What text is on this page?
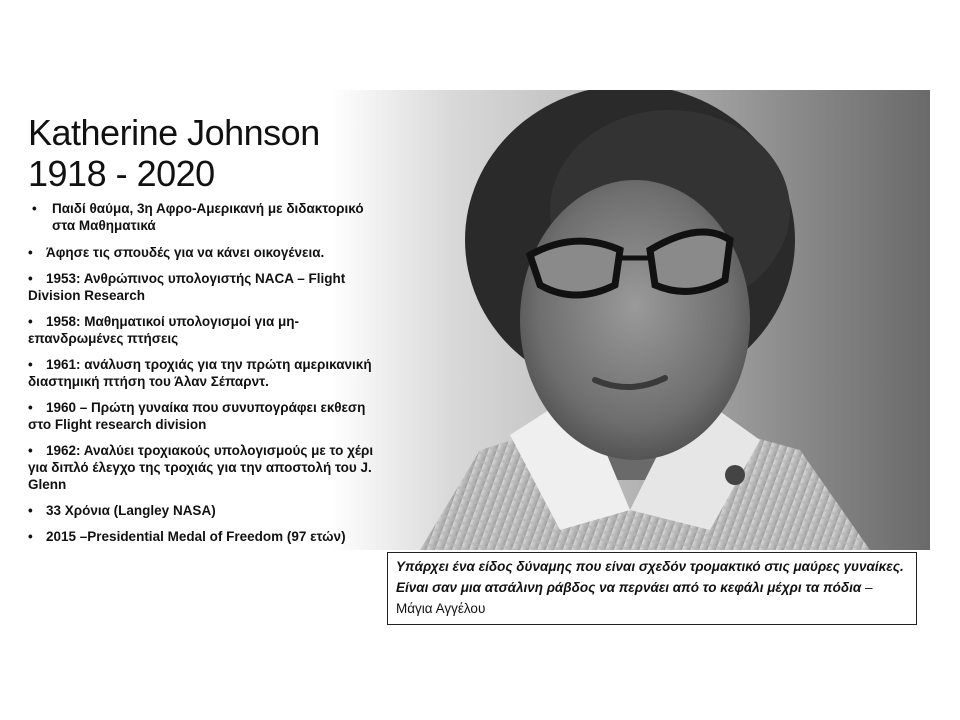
Katherine Johnson
1918 - 2020
• Παιδί θαύμα, 3η Αφρο-Αμερικανή με διδακτορικό στα Μαθηματικά
• Άφησε τις σπουδές για να κάνει οικογένεια.
• 1953: Ανθρώπινος υπολογιστής NACA – Flight Division Research
• 1958: Μαθηματικοί υπολογισμοί για μη-επανδρωμένες πτήσεις
• 1961: ανάλυση τροχιάς για την πρώτη αμερικανική διαστημική πτήση του Άλαν Σέπαρντ.
• 1960 – Πρώτη γυναίκα που συνυπογράφει εκθεση στο Flight research division
• 1962: Αναλύει τροχιακούς υπολογισμούς με το χέρι για διπλό έλεγχο της τροχιάς για την αποστολή του J. Glenn
• 33 Χρόνια (Langley NASA)
• 2015 –Presidential Medal of Freedom (97 ετών)
Υπάρχει ένα είδος δύναμης που είναι σχεδόν τρομακτικό στις μαύρες γυναίκες. Είναι σαν μια ατσάλινη ράβδος να περνάει από το κεφάλι μέχρι τα πόδια –Μάγια Αγγέλου
